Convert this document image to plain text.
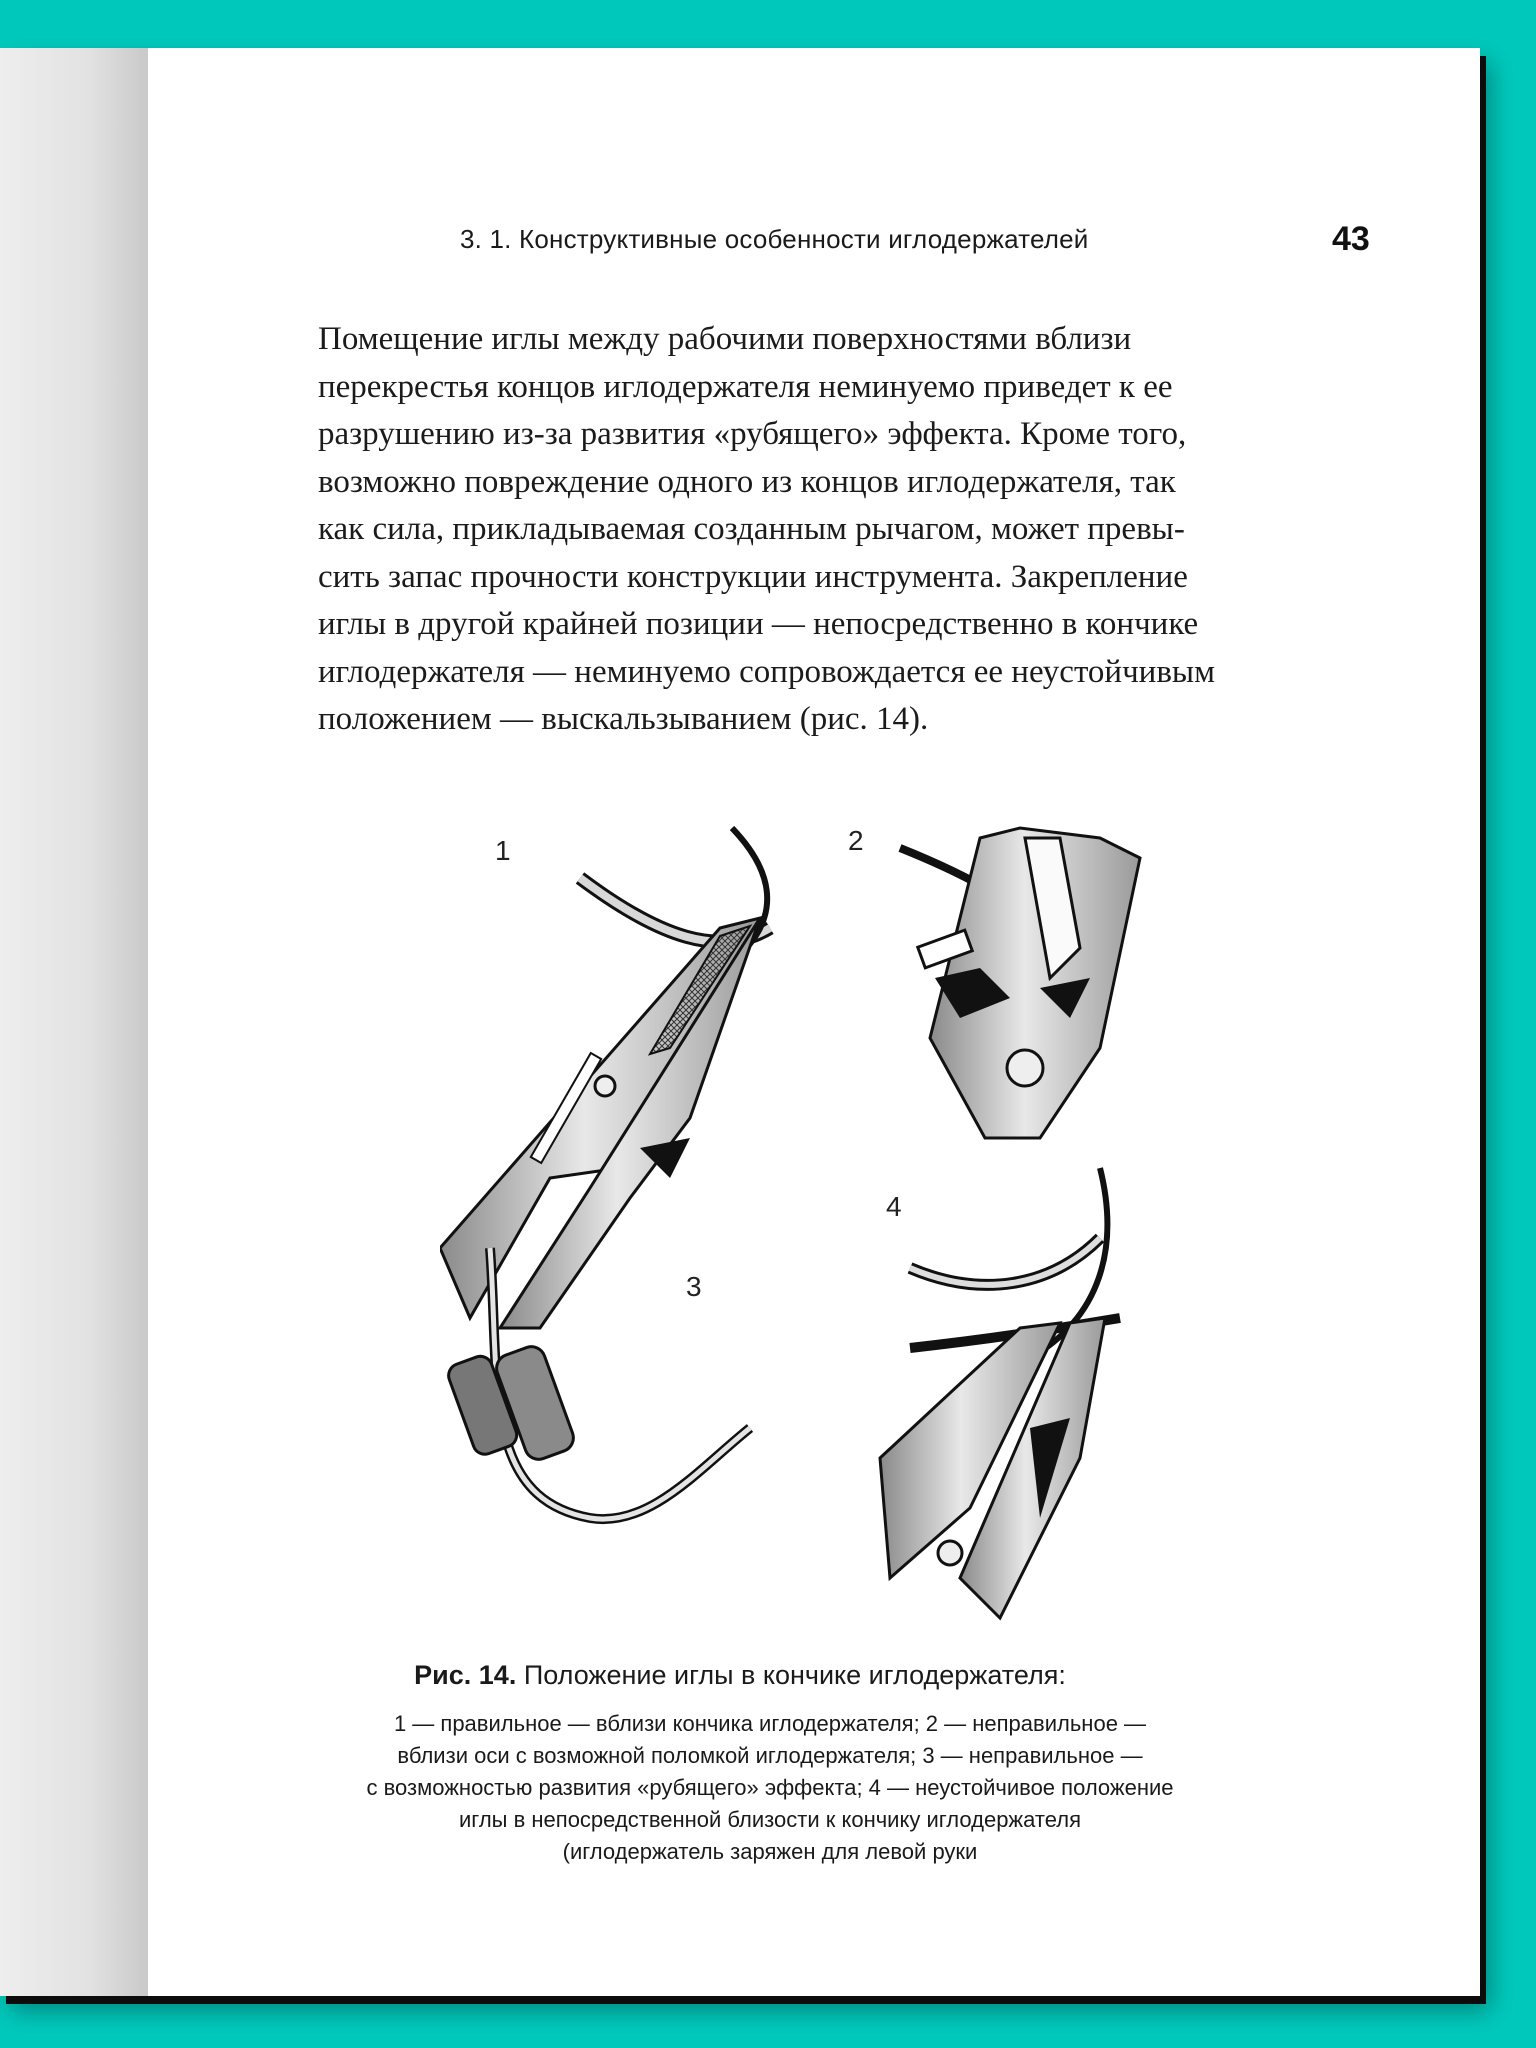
3. 1. Конструктивные особенности иглодержателей	43
Помещение иглы между рабочими поверхностями вблизи
перекрестья концов иглодержателя неминуемо приведет к ее
разрушению из-за развития «рубящего» эффекта. Кроме того,
возможно повреждение одного из концов иглодержателя, так
как сила, прикладываемая созданным рычагом, может превы-
сить запас прочности конструкции инструмента. Закрепление
иглы в другой крайней позиции — непосредственно в кончике
иглодержателя — неминуемо сопровождается ее неустойчивым
положением — выскальзыванием (рис. 14).
1	2
3
4
Рис. 14. Положение иглы в кончике иглодержателя:
1 — правильное — вблизи кончика иглодержателя; 2 — неправильное —
вблизи оси с возможной поломкой иглодержателя; 3 — неправильное —
с возможностью развития «рубящего» эффекта; 4 — неустойчивое положение
иглы в непосредственной близости к кончику иглодержателя
(иглодержатель заряжен для левой руки
